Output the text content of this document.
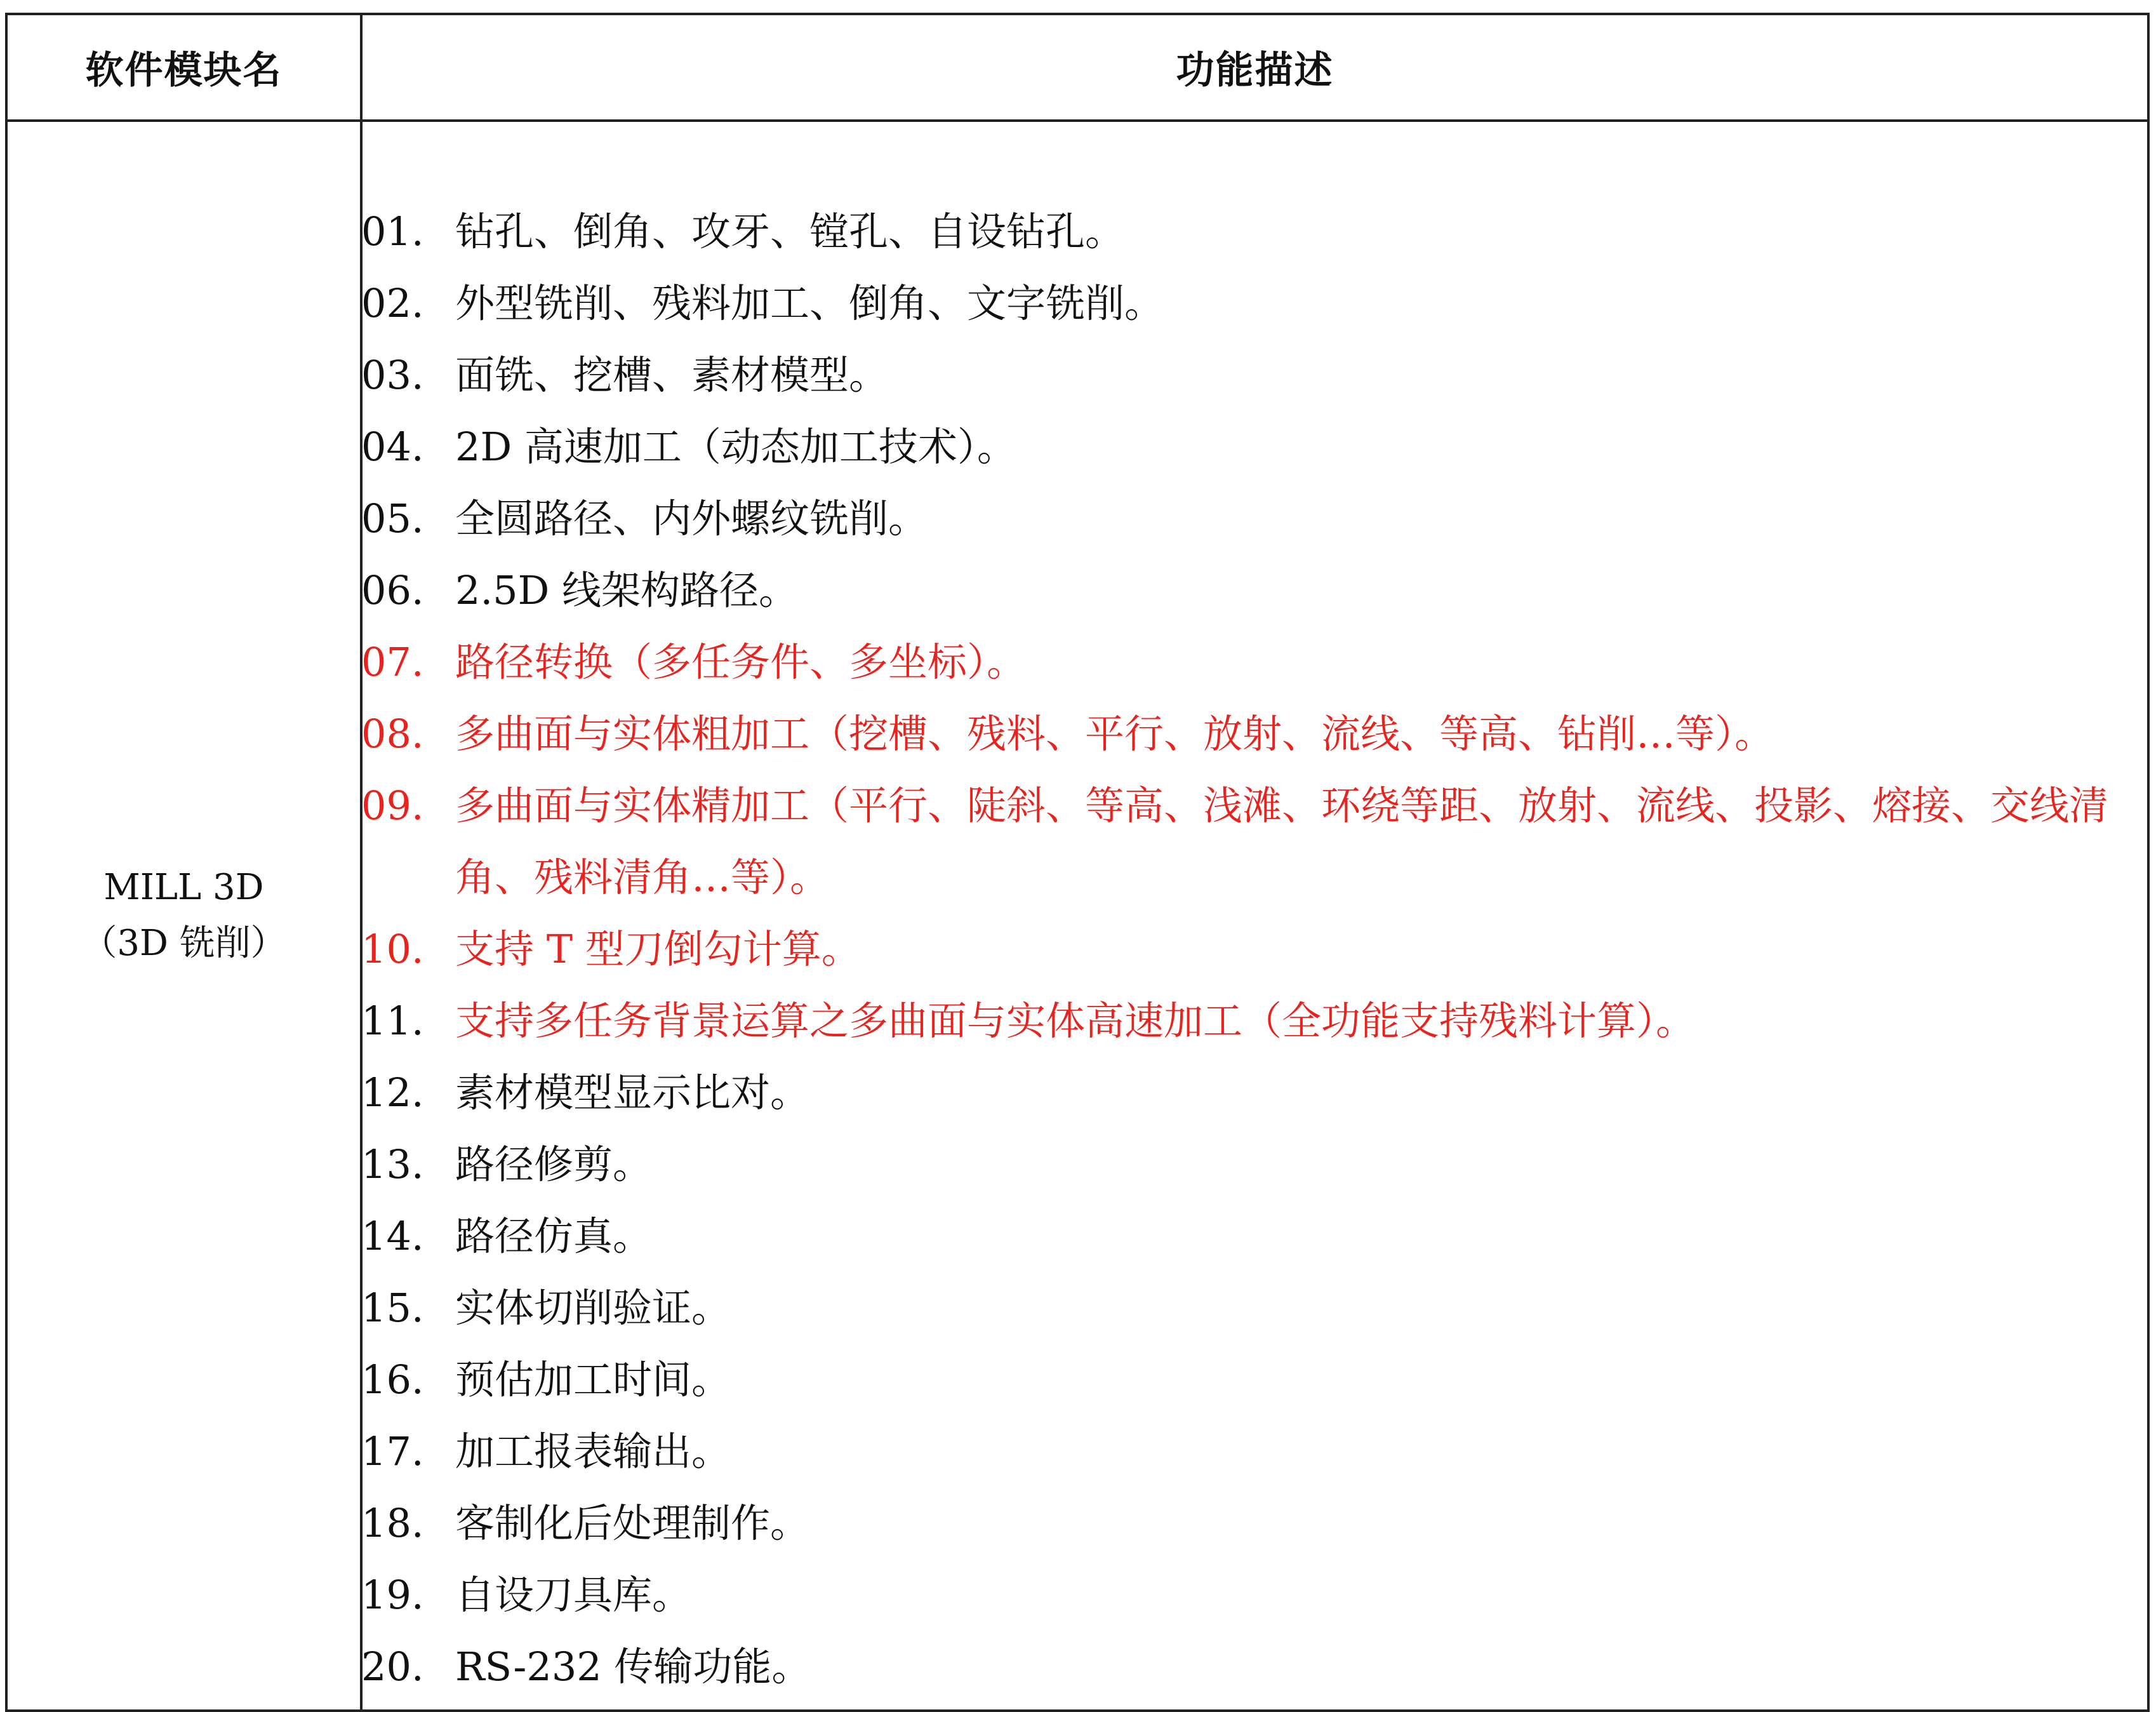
软件模块名	功能描述
MILL 3D
（3D 铣削）
01. 钻孔、倒角、攻牙、镗孔、自设钻孔。
02. 外型铣削、残料加工、倒角、文字铣削。
03. 面铣、挖槽、素材模型。
04. 2D 高速加工（动态加工技术）。
05. 全圆路径、内外螺纹铣削。
06. 2.5D 线架构路径。
07. 路径转换（多任务件、多坐标）。
08. 多曲面与实体粗加工（挖槽、残料、平行、放射、流线、等高、钻削…等）。
09. 多曲面与实体精加工（平行、陡斜、等高、浅滩、环绕等距、放射、流线、投影、熔接、交线清角、残料清角…等）。
10. 支持 T 型刀倒勾计算。
11. 支持多任务背景运算之多曲面与实体高速加工（全功能支持残料计算）。
12. 素材模型显示比对。
13. 路径修剪。
14. 路径仿真。
15. 实体切削验证。
16. 预估加工时间。
17. 加工报表输出。
18. 客制化后处理制作。
19. 自设刀具库。
20. RS-232 传输功能。
